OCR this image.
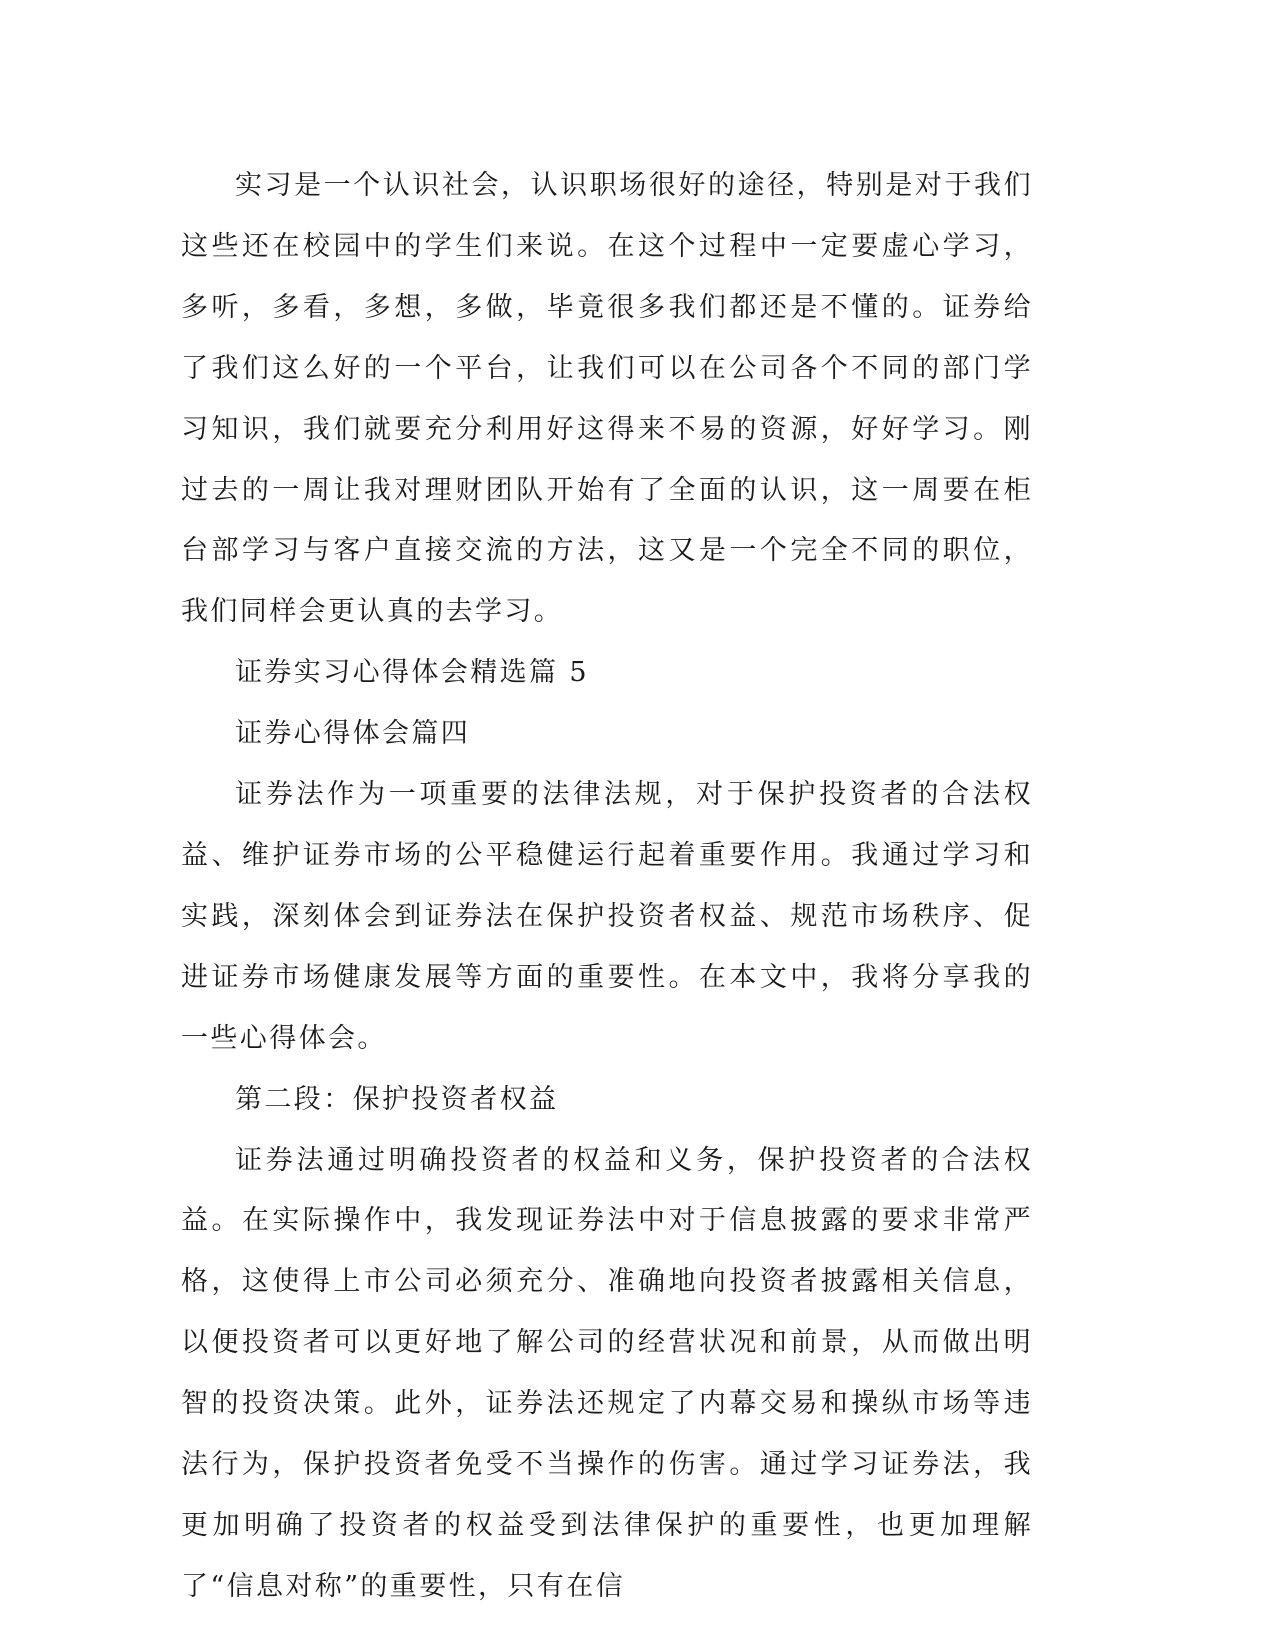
实习是一个认识社会，认识职场很好的途径，特别是对于我们这些还在校园中的学生们来说。在这个过程中一定要虚心学习，多听，多看，多想，多做，毕竟很多我们都还是不懂的。证券给了我们这么好的一个平台，让我们可以在公司各个不同的部门学习知识，我们就要充分利用好这得来不易的资源，好好学习。刚过去的一周让我对理财团队开始有了全面的认识，这一周要在柜台部学习与客户直接交流的方法，这又是一个完全不同的职位，我们同样会更认真的去学习。

证券实习心得体会精选篇 5

证券心得体会篇四

证券法作为一项重要的法律法规，对于保护投资者的合法权益、维护证券市场的公平稳健运行起着重要作用。我通过学习和实践，深刻体会到证券法在保护投资者权益、规范市场秩序、促进证券市场健康发展等方面的重要性。在本文中，我将分享我的一些心得体会。

第二段：保护投资者权益

证券法通过明确投资者的权益和义务，保护投资者的合法权益。在实际操作中，我发现证券法中对于信息披露的要求非常严格，这使得上市公司必须充分、准确地向投资者披露相关信息，以便投资者可以更好地了解公司的经营状况和前景，从而做出明智的投资决策。此外，证券法还规定了内幕交易和操纵市场等违法行为，保护投资者免受不当操作的伤害。通过学习证券法，我更加明确了投资者的权益受到法律保护的重要性，也更加理解了“信息对称”的重要性，只有在信
